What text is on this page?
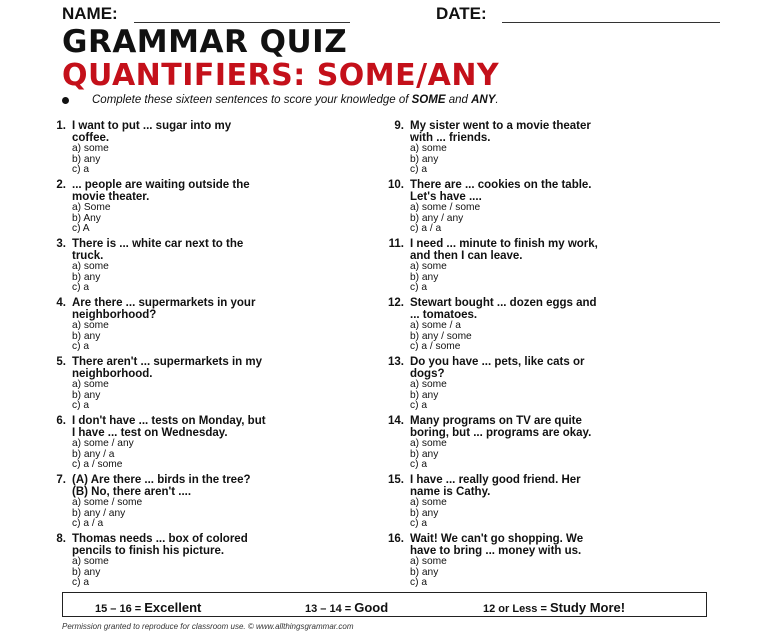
NAME:	DATE:
GRAMMAR QUIZ
QUANTIFIERS: SOME/ANY
Complete these sixteen sentences to score your knowledge of SOME and ANY.
1. I want to put ... sugar into my
coffee.
a) some
b) any
c) a
2. ... people are waiting outside the
movie theater.
a) Some
b) Any
c) A
3. There is ... white car next to the
truck.
a) some
b) any
c) a
4. Are there ... supermarkets in your
neighborhood?
a) some
b) any
c) a
5. There aren't ... supermarkets in my
neighborhood.
a) some
b) any
c) a
6. I don't have ... tests on Monday, but
I have ... test on Wednesday.
a) some / any
b) any / a
c) a / some
7. (A) Are there ... birds in the tree?
(B) No, there aren't ....
a) some / some
b) any / any
c) a / a
8. Thomas needs ... box of colored
pencils to finish his picture.
a) some
b) any
c) a
9. My sister went to a movie theater
with ... friends.
a) some
b) any
c) a
10. There are ... cookies on the table.
Let's have ....
a) some / some
b) any / any
c) a / a
11. I need ... minute to finish my work,
and then I can leave.
a) some
b) any
c) a
12. Stewart bought ... dozen eggs and
... tomatoes.
a) some / a
b) any / some
c) a / some
13. Do you have ... pets, like cats or
dogs?
a) some
b) any
c) a
14. Many programs on TV are quite
boring, but ... programs are okay.
a) some
b) any
c) a
15. I have ... really good friend. Her
name is Cathy.
a) some
b) any
c) a
16. Wait! We can't go shopping. We
have to bring ... money with us.
a) some
b) any
c) a
15 – 16 = Excellent	13 – 14 = Good	12 or Less = Study More!
Permission granted to reproduce for classroom use. © www.allthingsgrammar.com
